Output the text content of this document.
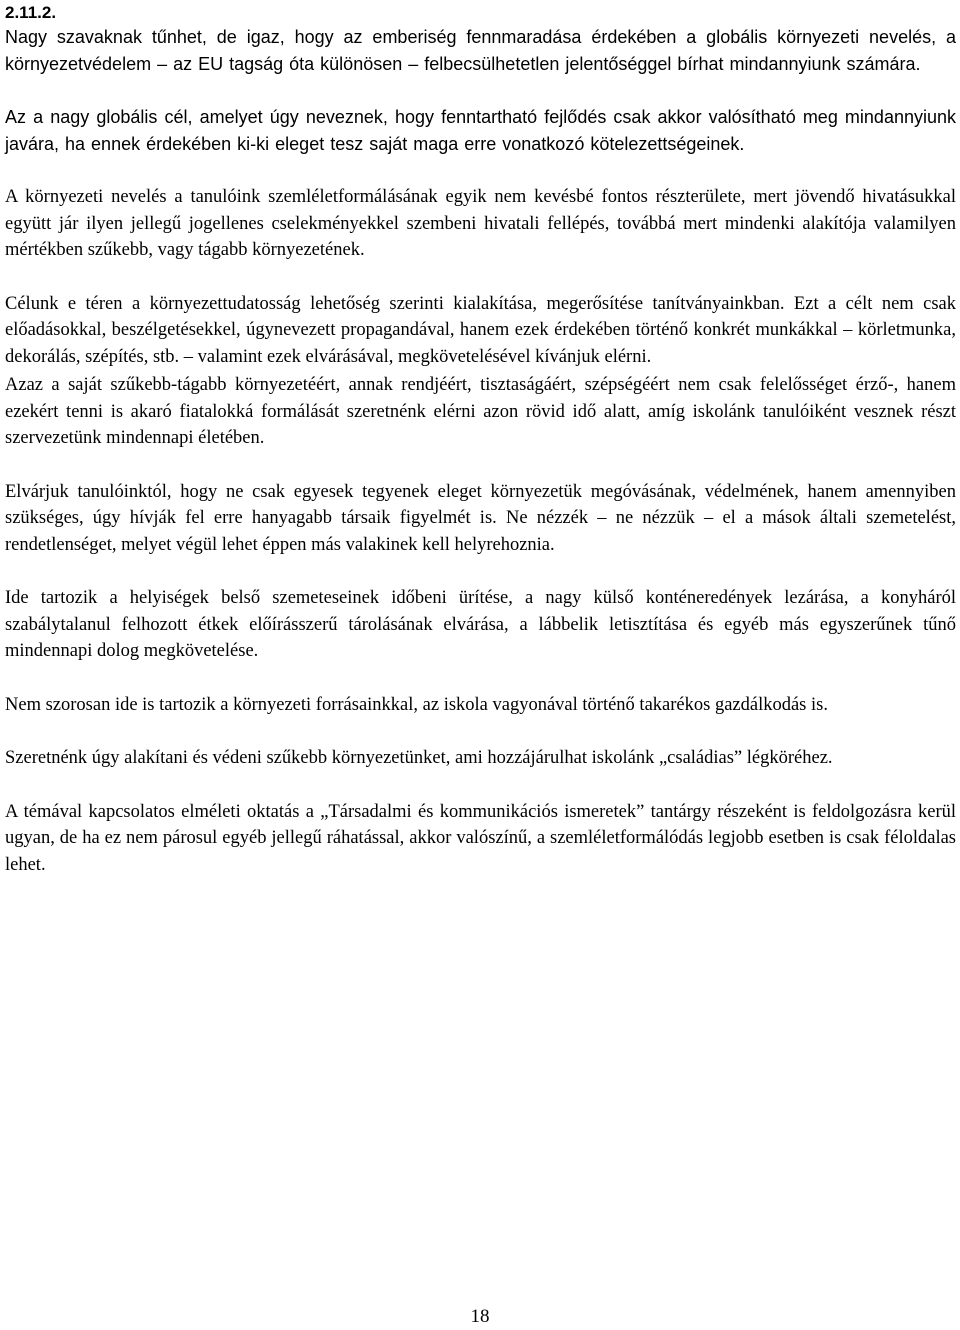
2.11.2.

Nagy szavaknak tűnhet, de igaz, hogy az emberiség fennmaradása érdekében a globális környezeti nevelés, a környezetvédelem – az EU tagság óta különösen – felbecsülhetetlen jelentőséggel bírhat mindannyiunk számára.

Az a nagy globális cél, amelyet úgy neveznek, hogy fenntartható fejlődés csak akkor valósítható meg mindannyiunk javára, ha ennek érdekében ki-ki eleget tesz saját maga erre vonatkozó kötelezettségeinek.

A környezeti nevelés a tanulóink szemléletformálásának egyik nem kevésbé fontos részterülete, mert jövendő hivatásukkal együtt jár ilyen jellegű jogellenes cselekményekkel szembeni hivatali fellépés, továbbá mert mindenki alakítója valamilyen mértékben szűkebb, vagy tágabb környezetének.

Célunk e téren a környezettudatosság lehetőség szerinti kialakítása, megerősítése tanítványainkban. Ezt a célt nem csak előadásokkal, beszélgetésekkel, úgynevezett propagandával, hanem ezek érdekében történő konkrét munkákkal – körletmunka, dekorálás, szépítés, stb. – valamint ezek elvárásával, megkövetelésével kívánjuk elérni.

Azaz a saját szűkebb-tágabb környezetéért, annak rendjéért, tisztaságáért, szépségéért nem csak felelősséget érző-, hanem ezekért tenni is akaró fiatalokká formálását szeretnénk elérni azon rövid idő alatt, amíg iskolánk tanulóiként vesznek részt szervezetünk mindennapi életében.

Elvárjuk tanulóinktól, hogy ne csak egyesek tegyenek eleget környezetük megóvásának, védelmének, hanem amennyiben szükséges, úgy hívják fel erre hanyagabb társaik figyelmét is. Ne nézzék – ne nézzük – el a mások általi szemetelést, rendetlenséget, melyet végül lehet éppen más valakinek kell helyrehoznia.

Ide tartozik a helyiségek belső szemeteseinek időbeni ürítése, a nagy külső konténeredények lezárása, a konyháról szabálytalanul felhozott étkek előírásszerű tárolásának elvárása, a lábbelik letisztítása és egyéb más egyszerűnek tűnő mindennapi dolog megkövetelése.

Nem szorosan ide is tartozik a környezeti forrásainkkal, az iskola vagyonával történő takarékos gazdálkodás is.

Szeretnénk úgy alakítani és védeni szűkebb környezetünket, ami hozzájárulhat iskolánk „családias” légköréhez.

A témával kapcsolatos elméleti oktatás a „Társadalmi és kommunikációs ismeretek” tantárgy részeként is feldolgozásra kerül ugyan, de ha ez nem párosul egyéb jellegű ráhatással, akkor valószínű, a szemléletformálódás legjobb esetben is csak féloldalas lehet.

18
